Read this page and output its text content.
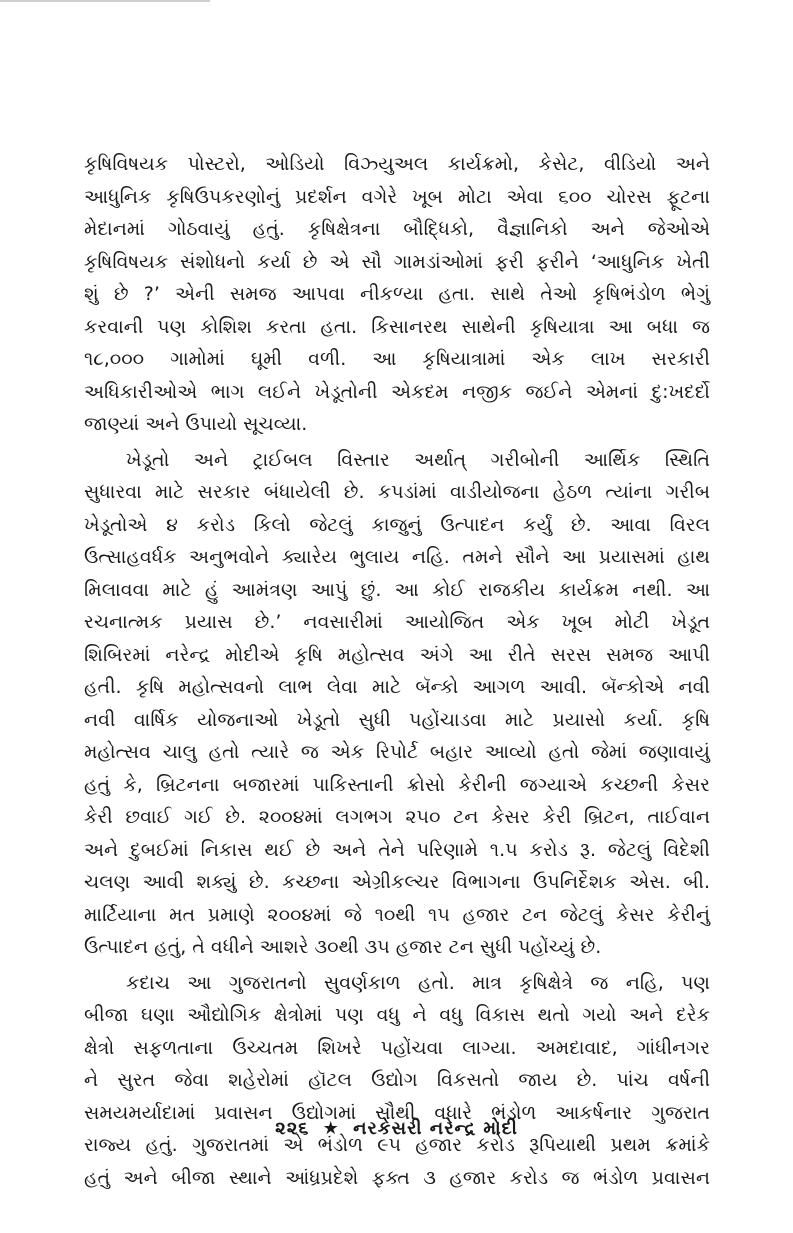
કૃષિવિષયક પોસ્ટરો, ઓડિયો વિઝ્યુઅલ કાર્યક્રમો, કેસેટ, વીડિયો અને
આધુનિક કૃષિઉપકરણોનું પ્રદર્શન વગેરે ખૂબ મોટા એવા ૬૦૦ ચોરસ ફૂટના
મેદાનમાં ગોઠવાયું હતું. કૃષિક્ષેત્રના બૌદ્ધિકો, વૈજ્ઞાનિકો અને જેઓએ
કૃષિવિષયક સંશોધનો કર્યા છે એ સૌ ગામડાંઓમાં ફરી ફરીને ‘આધુનિક ખેતી
શું છે ?’ એની સમજ આપવા નીકળ્યા હતા. સાથે તેઓ કૃષિભંડોળ ભેગું
કરવાની પણ કોશિશ કરતા હતા. કિસાનરથ સાથેની કૃષિયાત્રા આ બધા જ
૧૮,૦૦૦ ગામોમાં ઘૂમી વળી. આ કૃષિયાત્રામાં એક લાખ સરકારી
અધિકારીઓએ ભાગ લઈને ખેડૂતોની એકદમ નજીક જઈને એમનાં દુ:ખદર્દો
જાણ્યાં અને ઉપાયો સૂચવ્યા.

ખેડૂતો અને ટ્રાઈબલ વિસ્તાર અર્થાત્ ગરીબોની આર્થિક સ્થિતિ
સુધારવા માટે સરકાર બંધાયેલી છે. કપડાંમાં વાડીયોજના હેઠળ ત્યાંના ગરીબ
ખેડૂતોએ ૪ કરોડ કિલો જેટલું કાજુનું ઉત્પાદન કર્યું છે. આવા વિરલ
ઉત્સાહવર્ધક અનુભવોને ક્યારેય ભુલાય નહિ. તમને સૌને આ પ્રયાસમાં હાથ
મિલાવવા માટે હું આમંત્રણ આપું છું. આ કોઈ રાજકીય કાર્યક્રમ નથી. આ
રચનાત્મક પ્રયાસ છે.’ નવસારીમાં આયોજિત એક ખૂબ મોટી ખેડૂત
શિબિરમાં નરેન્દ્ર મોદીએ કૃષિ મહોત્સવ અંગે આ રીતે સરસ સમજ આપી
હતી. કૃષિ મહોત્સવનો લાભ લેવા માટે બૅન્કો આગળ આવી. બૅન્કોએ નવી
નવી વાર્ષિક યોજનાઓ ખેડૂતો સુધી પહોંચાડવા માટે પ્રયાસો કર્યા. કૃષિ
મહોત્સવ ચાલુ હતો ત્યારે જ એક રિપોર્ટ બહાર આવ્યો હતો જેમાં જણાવાયું
હતું કે, બ્રિટનના બજારમાં પાકિસ્તાની ક્રોસો કેરીની જગ્યાએ કચ્છની કેસર
કેરી છવાઈ ગઈ છે. ૨૦૦૪માં લગભગ ૨૫૦ ટન કેસર કેરી બ્રિટન, તાઈવાન
અને દુબઈમાં નિકાસ થઈ છે અને તેને પરિણામે ૧.૫ કરોડ રૂ. જેટલું વિદેશી
ચલણ આવી શક્યું છે. કચ્છના એગ્રીકલ્ચર વિભાગના ઉપનિર્દેશક એસ. બી.
માર્ટિયાના મત પ્રમાણે ૨૦૦૪માં જે ૧૦થી ૧૫ હજાર ટન જેટલું કેસર કેરીનું
ઉત્પાદન હતું, તે વધીને આશરે ૩૦થી ૩૫ હજાર ટન સુધી પહોંચ્યું છે.

કદાચ આ ગુજરાતનો સુવર્ણકાળ હતો. માત્ર કૃષિક્ષેત્રે જ નહિ, પણ
બીજા ઘણા ઔદ્યોગિક ક્ષેત્રોમાં પણ વધુ ને વધુ વિકાસ થતો ગયો અને દરેક
ક્ષેત્રો સફળતાના ઉચ્ચતમ શિખરે પહોંચવા લાગ્યા. અમદાવાદ, ગાંધીનગર
ને સુરત જેવા શહેરોમાં હૉટલ ઉદ્યોગ વિકસતો જાય છે. પાંચ વર્ષની
સમયમર્યાદામાં પ્રવાસન ઉદ્યોગમાં સૌથી વધારે ભંડોળ આકર્ષનાર ગુજરાત
રાજ્ય હતું. ગુજરાતમાં એ ભંડોળ ૯૫ હજાર કરોડ રૂપિયાથી પ્રથમ ક્રમાંકે
હતું અને બીજા સ્થાને આંધ્રપ્રદેશે ફક્ત ૩ હજાર કરોડ જ ભંડોળ પ્રવાસન

૨૨૬ ★ નરકેસરી નરેન્દ્ર મોદી
